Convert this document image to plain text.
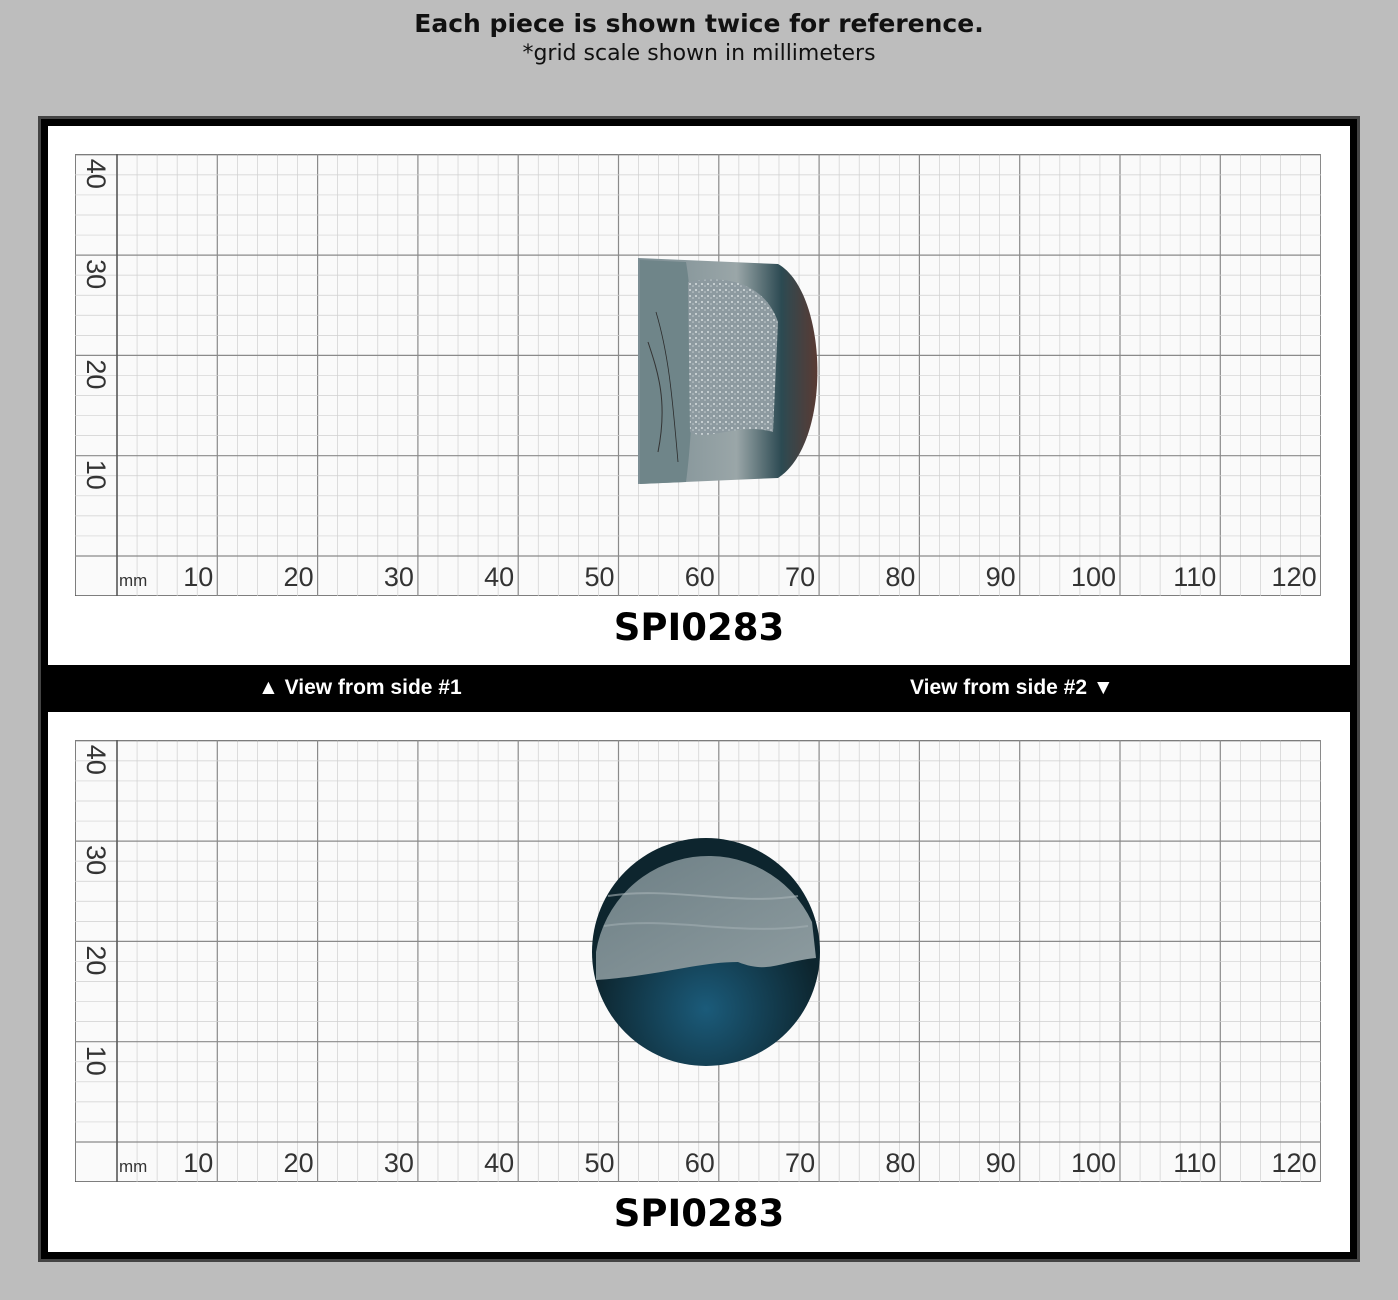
Each piece is shown twice for reference.
*grid scale shown in millimeters
10	20	30	40	50	60	70	80	90 100 110 120
mm
40
30
20
10
SPI0283
▲ View from side #1	View from side #2 ▼
10	20	30	40	50	60	70	80	90 100 110 120
mm
40
30
20
10
SPI0283
